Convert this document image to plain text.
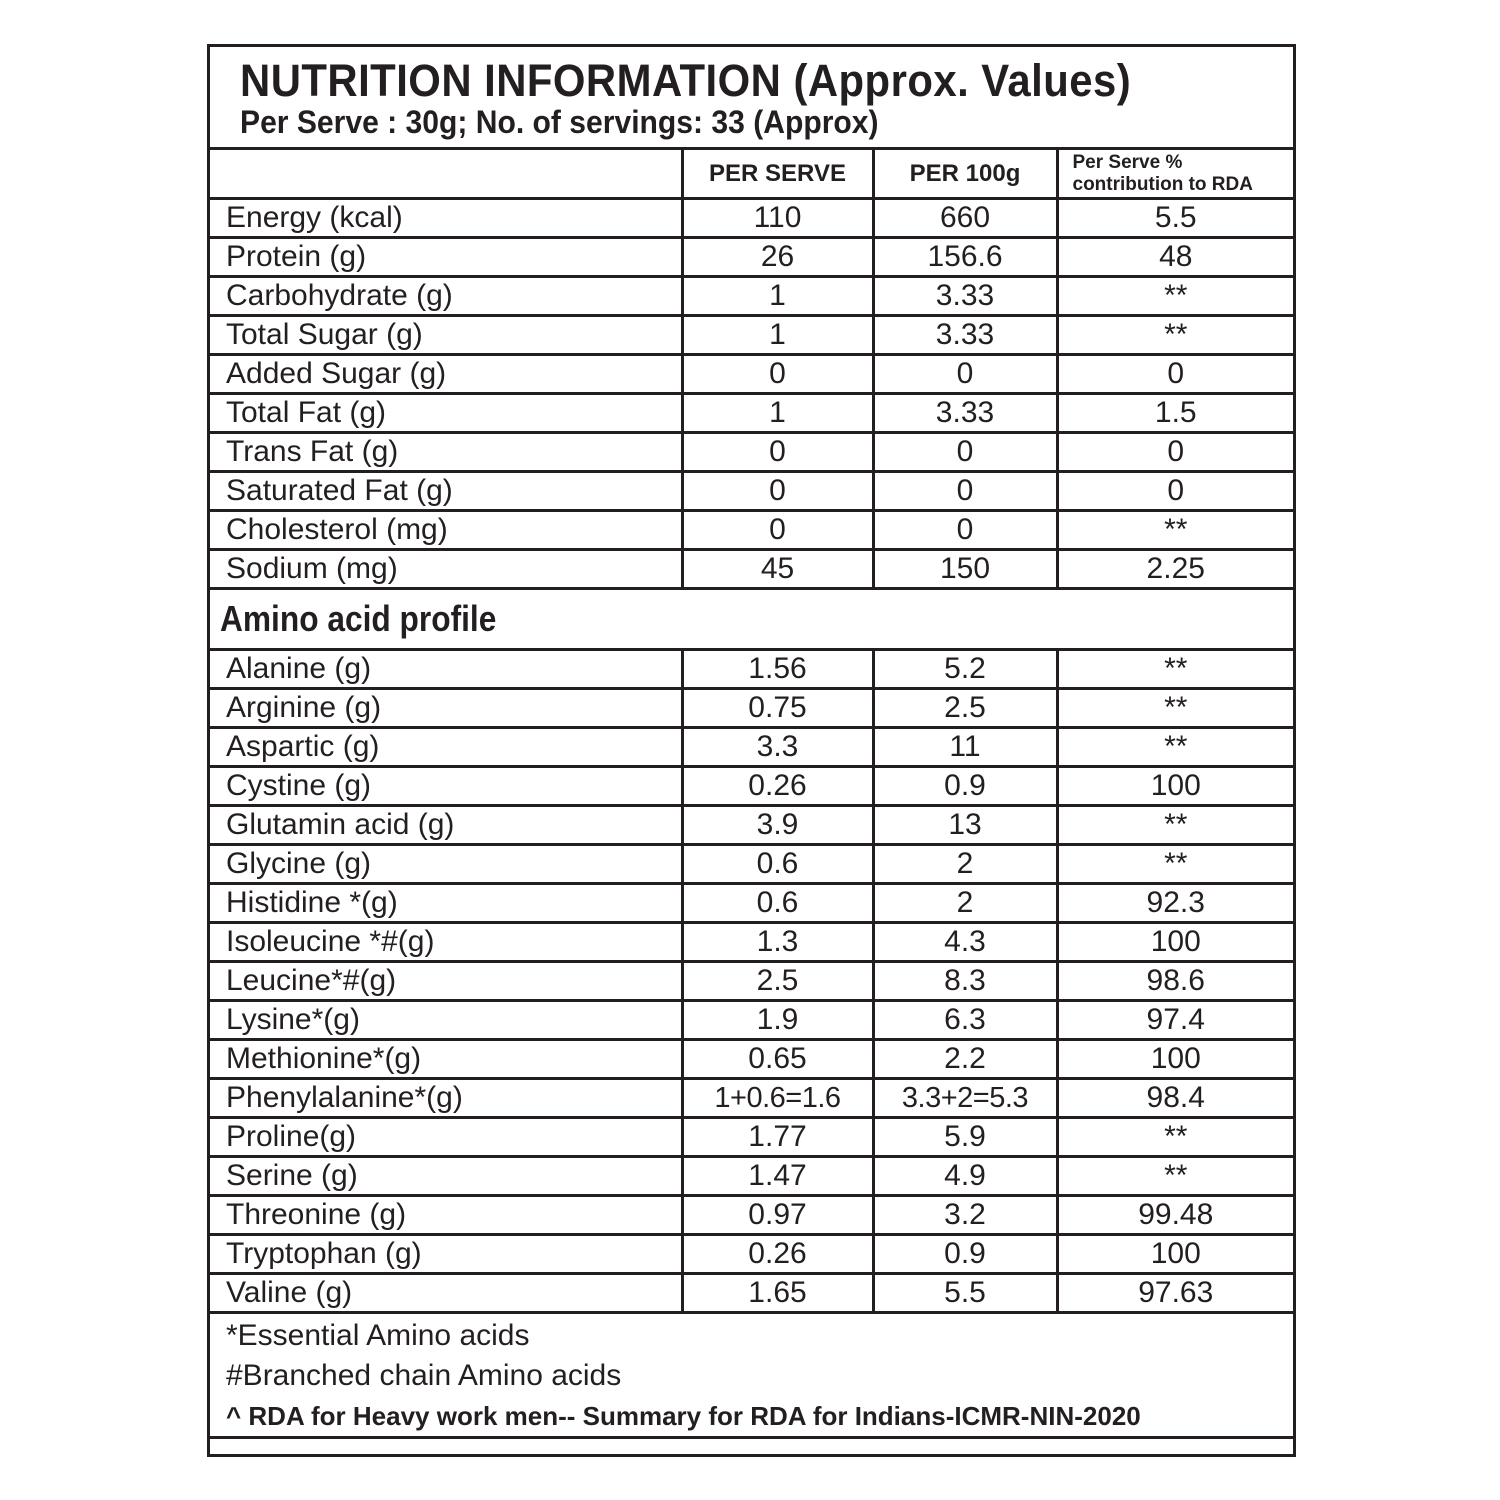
NUTRITION INFORMATION (Approx. Values)
Per Serve : 30g; No. of servings: 33 (Approx)
	PER SERVE	PER 100g	Per Serve %
contribution to RDA

Energy (kcal)	110	660	5.5
Protein (g)	26	156.6	48
Carbohydrate (g)	1	3.33	**
Total Sugar (g)	1	3.33	**
Added Sugar (g)	0	0	0
Total Fat (g)	1	3.33	1.5
Trans Fat (g)	0	0	0
Saturated Fat (g)	0	0	0
Cholesterol (mg)	0	0	**
Sodium (mg)	45	150	2.25
Amino acid profile			
Alanine (g)	1.56	5.2	**
Arginine (g)	0.75	2.5	**
Aspartic (g)	3.3	11	**
Cystine (g)	0.26	0.9	100
Glutamin acid (g)	3.9	13	**
Glycine (g)	0.6	2	**
Histidine *(g)	0.6	2	92.3
Isoleucine *#(g)	1.3	4.3	100
Leucine*#(g)	2.5	8.3	98.6
Lysine*(g)	1.9	6.3	97.4
Methionine*(g)	0.65	2.2	100
Phenylalanine*(g)	1+0.6=1.6	3.3+2=5.3	98.4
Proline(g)	1.77	5.9	**
Serine (g)	1.47	4.9	**
Threonine (g)	0.97	3.2	99.48
Tryptophan (g)	0.26	0.9	100
Valine (g)	1.65	5.5	97.63

*Essential Amino acids
#Branched chain Amino acids
^ RDA for Heavy work men-- Summary for RDA for Indians-ICMR-NIN-2020			
